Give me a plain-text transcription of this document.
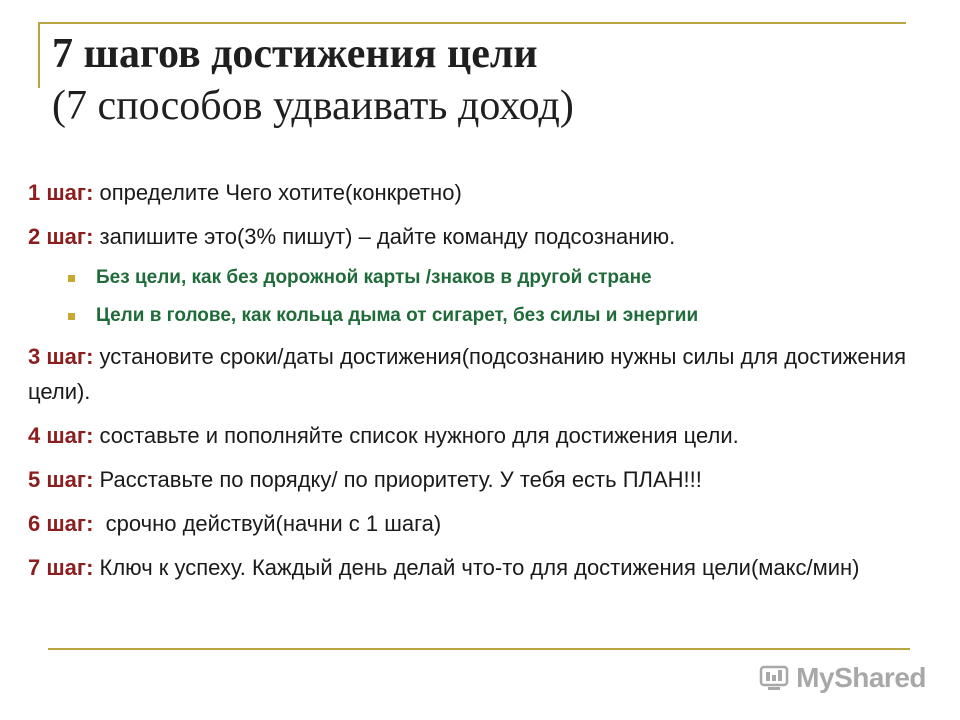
7 шагов достижения цели
(7 способов удваивать доход)
1 шаг: определите Чего хотите(конкретно)
2 шаг: запишите это(3% пишут) – дайте команду подсознанию.
Без цели, как без дорожной карты /знаков в другой стране
Цели в голове, как кольца дыма от сигарет, без силы и энергии
3 шаг: установите сроки/даты достижения(подсознанию нужны силы для достижения цели).
4 шаг: составьте и пополняйте список нужного для достижения цели.
5 шаг: Расставьте по порядку/ по приоритету. У тебя есть ПЛАН!!!
6 шаг:  срочно действуй(начни с 1 шага)
7 шаг: Ключ к успеху. Каждый день делай что-то для достижения цели(макс/мин)
MyShared
